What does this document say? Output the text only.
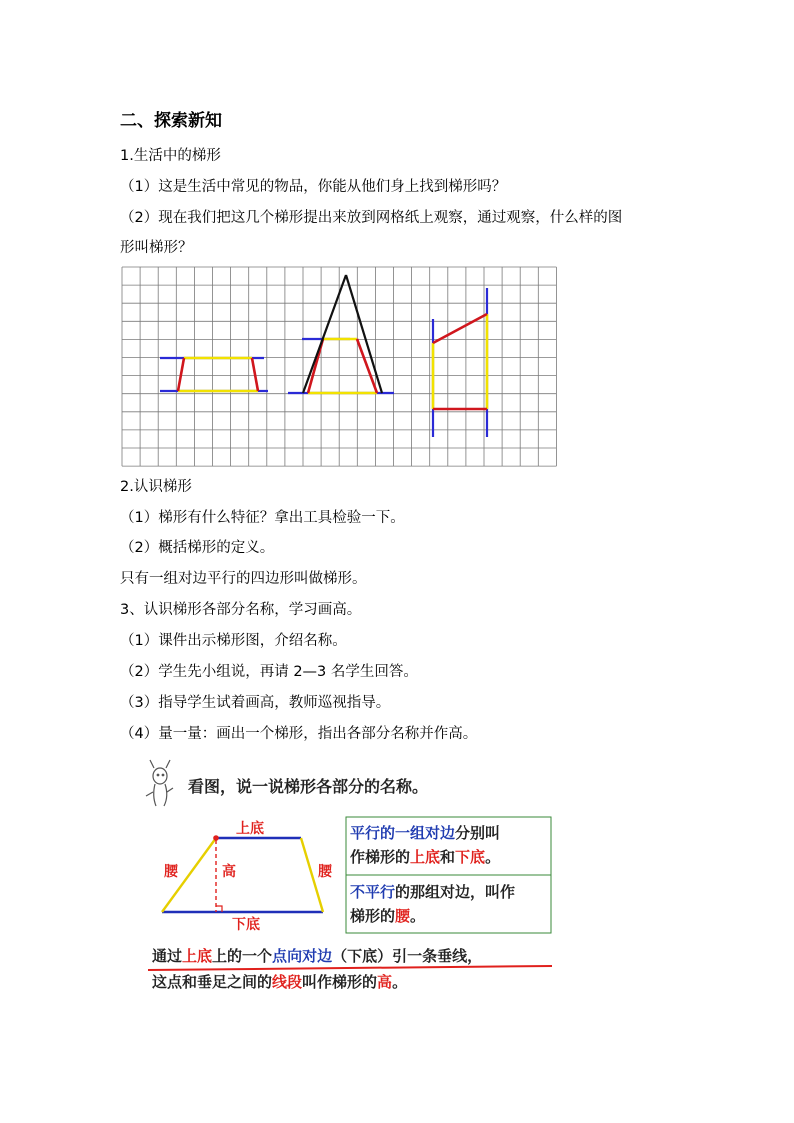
二、探索新知
1.生活中的梯形
（1）这是生活中常见的物品，你能从他们身上找到梯形吗？
（2）现在我们把这几个梯形提出来放到网格纸上观察，通过观察，什么样的图
形叫梯形？
2.认识梯形
（1）梯形有什么特征？拿出工具检验一下。
（2）概括梯形的定义。
只有一组对边平行的四边形叫做梯形。
3、认识梯形各部分名称，学习画高。
（1）课件出示梯形图，介绍名称。
（2）学生先小组说，再请 2—3 名学生回答。
（3）指导学生试着画高，教师巡视指导。
（4）量一量：画出一个梯形，指出各部分名称并作高。
看图，说一说梯形各部分的名称。
上底
下底
高
腰	腰
平行的一组对边分别叫
作梯形的上底和下底。
不平行的那组对边，叫作
梯形的腰。
通过上底上的一个点向对边（下底）引一条垂线，
这点和垂足之间的线段叫作梯形的高。
